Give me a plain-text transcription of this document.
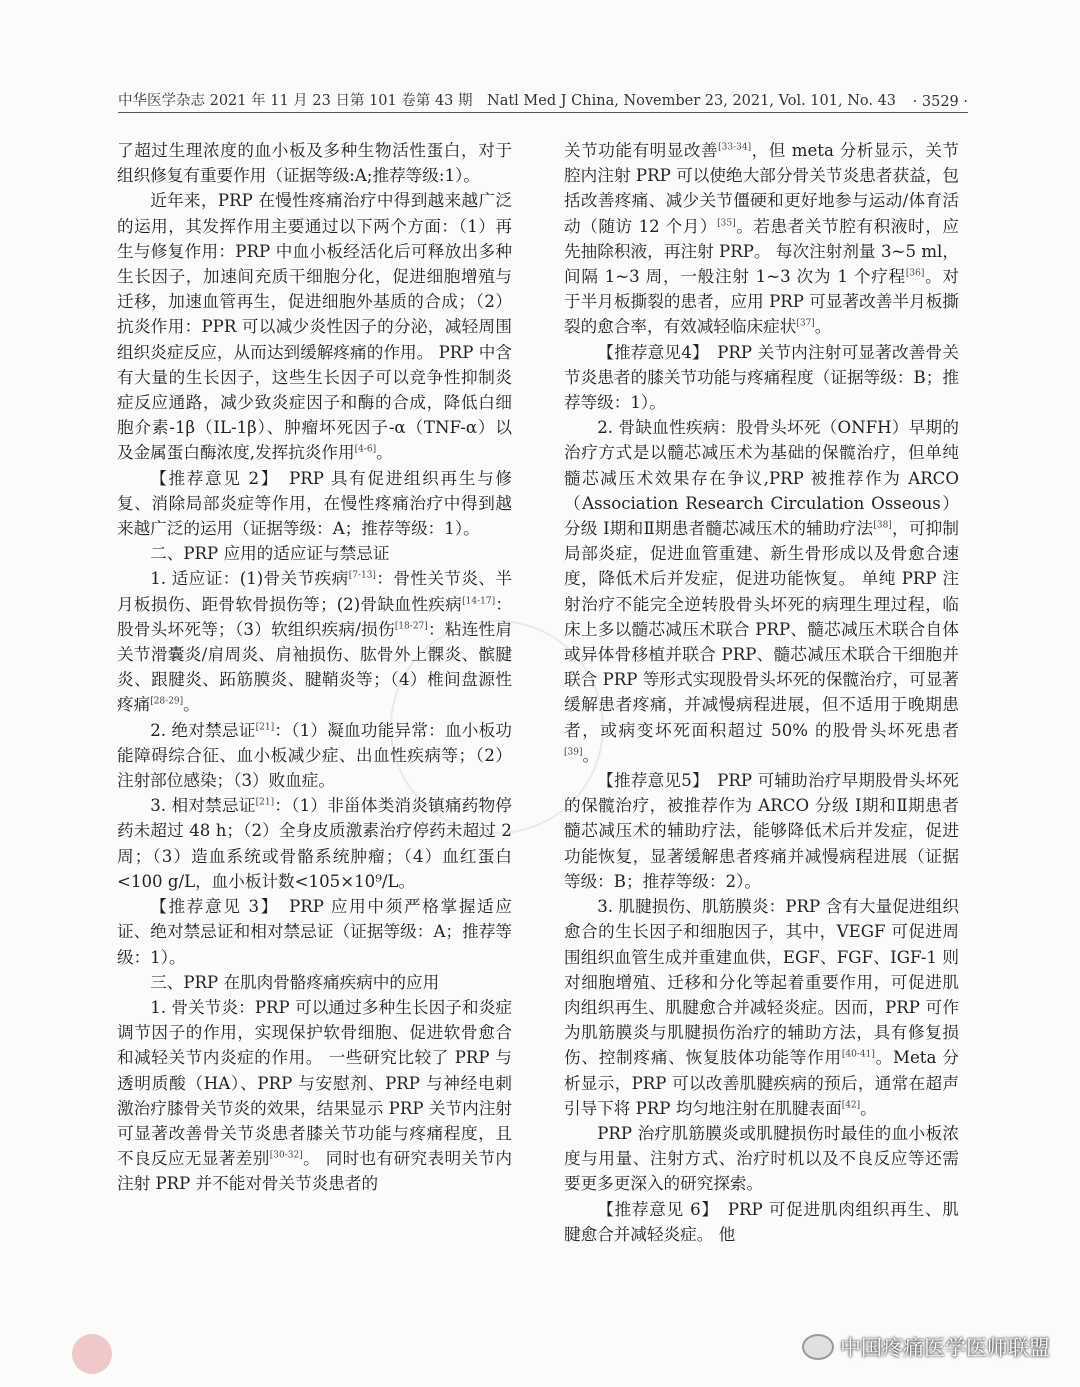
中华医学杂志 2021 年 11 月 23 日第 101 卷第 43 期　Natl Med J China, November 23, 2021, Vol. 101, No. 43 · 3529 ·

了超过生理浓度的血小板及多种生物活性蛋白，对于组织修复有重要作用（证据等级:A;推荐等级:1）。

近年来，PRP 在慢性疼痛治疗中得到越来越广泛的运用，其发挥作用主要通过以下两个方面：（1）再生与修复作用：PRP 中血小板经活化后可释放出多种生长因子，加速间充质干细胞分化，促进细胞增殖与迁移，加速血管再生，促进细胞外基质的合成；（2）抗炎作用：PPR 可以减少炎性因子的分泌，减轻周围组织炎症反应，从而达到缓解疼痛的作用。 PRP 中含有大量的生长因子，这些生长因子可以竞争性抑制炎症反应通路，减少致炎症因子和酶的合成，降低白细胞介素-1β（IL-1β）、肿瘤坏死因子-α（TNF-α）以及金属蛋白酶浓度,发挥抗炎作用[4-6]。

【推荐意见 2】　PRP 具有促进组织再生与修复、消除局部炎症等作用，在慢性疼痛治疗中得到越来越广泛的运用（证据等级：A；推荐等级：1）。

二、PRP 应用的适应证与禁忌证

1. 适应证：(1)骨关节疾病[7-13]：骨性关节炎、半月板损伤、距骨软骨损伤等；(2)骨缺血性疾病[14-17]：股骨头坏死等；（3）软组织疾病/损伤[18-27]：粘连性肩关节滑囊炎/肩周炎、肩袖损伤、肱骨外上髁炎、髌腱炎、跟腱炎、跖筋膜炎、腱鞘炎等；（4）椎间盘源性疼痛[28-29]。

2. 绝对禁忌证[21]：（1）凝血功能异常：血小板功能障碍综合征、血小板减少症、出血性疾病等；（2）注射部位感染；（3）败血症。

3. 相对禁忌证[21]：（1）非甾体类消炎镇痛药物停药未超过 48 h；（2）全身皮质激素治疗停药未超过 2 周；（3）造血系统或骨骼系统肿瘤；（4）血红蛋白<100 g/L，血小板计数<105×10⁹/L。

【推荐意见 3】　PRP 应用中须严格掌握适应证、绝对禁忌证和相对禁忌证（证据等级：A；推荐等级：1）。

三、PRP 在肌肉骨骼疼痛疾病中的应用

1. 骨关节炎：PRP 可以通过多种生长因子和炎症调节因子的作用，实现保护软骨细胞、促进软骨愈合和减轻关节内炎症的作用。 一些研究比较了 PRP 与透明质酸（HA）、PRP 与安慰剂、PRP 与神经电刺激治疗膝骨关节炎的效果，结果显示 PRP 关节内注射可显著改善骨关节炎患者膝关节功能与疼痛程度，且不良反应无显著差别[30-32]。 同时也有研究表明关节内注射 PRP 并不能对骨关节炎患者的

关节功能有明显改善[33-34]，但 meta 分析显示，关节腔内注射 PRP 可以使绝大部分骨关节炎患者获益，包括改善疼痛、减少关节僵硬和更好地参与运动/体育活动（随访 12 个月）[35]。若患者关节腔有积液时，应先抽除积液，再注射 PRP。 每次注射剂量 3~5 ml，间隔 1~3 周，一般注射 1~3 次为 1 个疗程[36]。对于半月板撕裂的患者，应用 PRP 可显著改善半月板撕裂的愈合率，有效减轻临床症状[37]。

【推荐意见4】　PRP 关节内注射可显著改善骨关节炎患者的膝关节功能与疼痛程度（证据等级：B；推荐等级：1）。

2. 骨缺血性疾病：股骨头坏死（ONFH）早期的治疗方式是以髓芯减压术为基础的保髋治疗，但单纯髓芯减压术效果存在争议,PRP 被推荐作为 ARCO（Association Research Circulation Osseous）分级 Ⅰ期和Ⅱ期患者髓芯减压术的辅助疗法[38]，可抑制局部炎症，促进血管重建、新生骨形成以及骨愈合速度，降低术后并发症，促进功能恢复。 单纯 PRP 注射治疗不能完全逆转股骨头坏死的病理生理过程，临床上多以髓芯减压术联合 PRP、髓芯减压术联合自体或异体骨移植并联合 PRP、髓芯减压术联合干细胞并联合 PRP 等形式实现股骨头坏死的保髋治疗，可显著缓解患者疼痛，并减慢病程进展，但不适用于晚期患者，或病变坏死面积超过 50% 的股骨头坏死患者[39]。

【推荐意见5】　PRP 可辅助治疗早期股骨头坏死的保髋治疗，被推荐作为 ARCO 分级 Ⅰ期和Ⅱ期患者髓芯减压术的辅助疗法，能够降低术后并发症，促进功能恢复，显著缓解患者疼痛并减慢病程进展（证据等级：B；推荐等级：2）。

3. 肌腱损伤、肌筋膜炎：PRP 含有大量促进组织愈合的生长因子和细胞因子，其中，VEGF 可促进周围组织血管生成并重建血供，EGF、FGF、IGF-1 则对细胞增殖、迁移和分化等起着重要作用，可促进肌肉组织再生、肌腱愈合并减轻炎症。因而，PRP 可作为肌筋膜炎与肌腱损伤治疗的辅助方法，具有修复损伤、控制疼痛、恢复肢体功能等作用[40-41]。Meta 分析显示，PRP 可以改善肌腱疾病的预后，通常在超声引导下将 PRP 均匀地注射在肌腱表面[42]。

PRP 治疗肌筋膜炎或肌腱损伤时最佳的血小板浓度与用量、注射方式、治疗时机以及不良反应等还需要更多更深入的研究探索。

【推荐意见 6】　PRP 可促进肌肉组织再生、肌腱愈合并减轻炎症。 他

中国疼痛医学医师联盟
